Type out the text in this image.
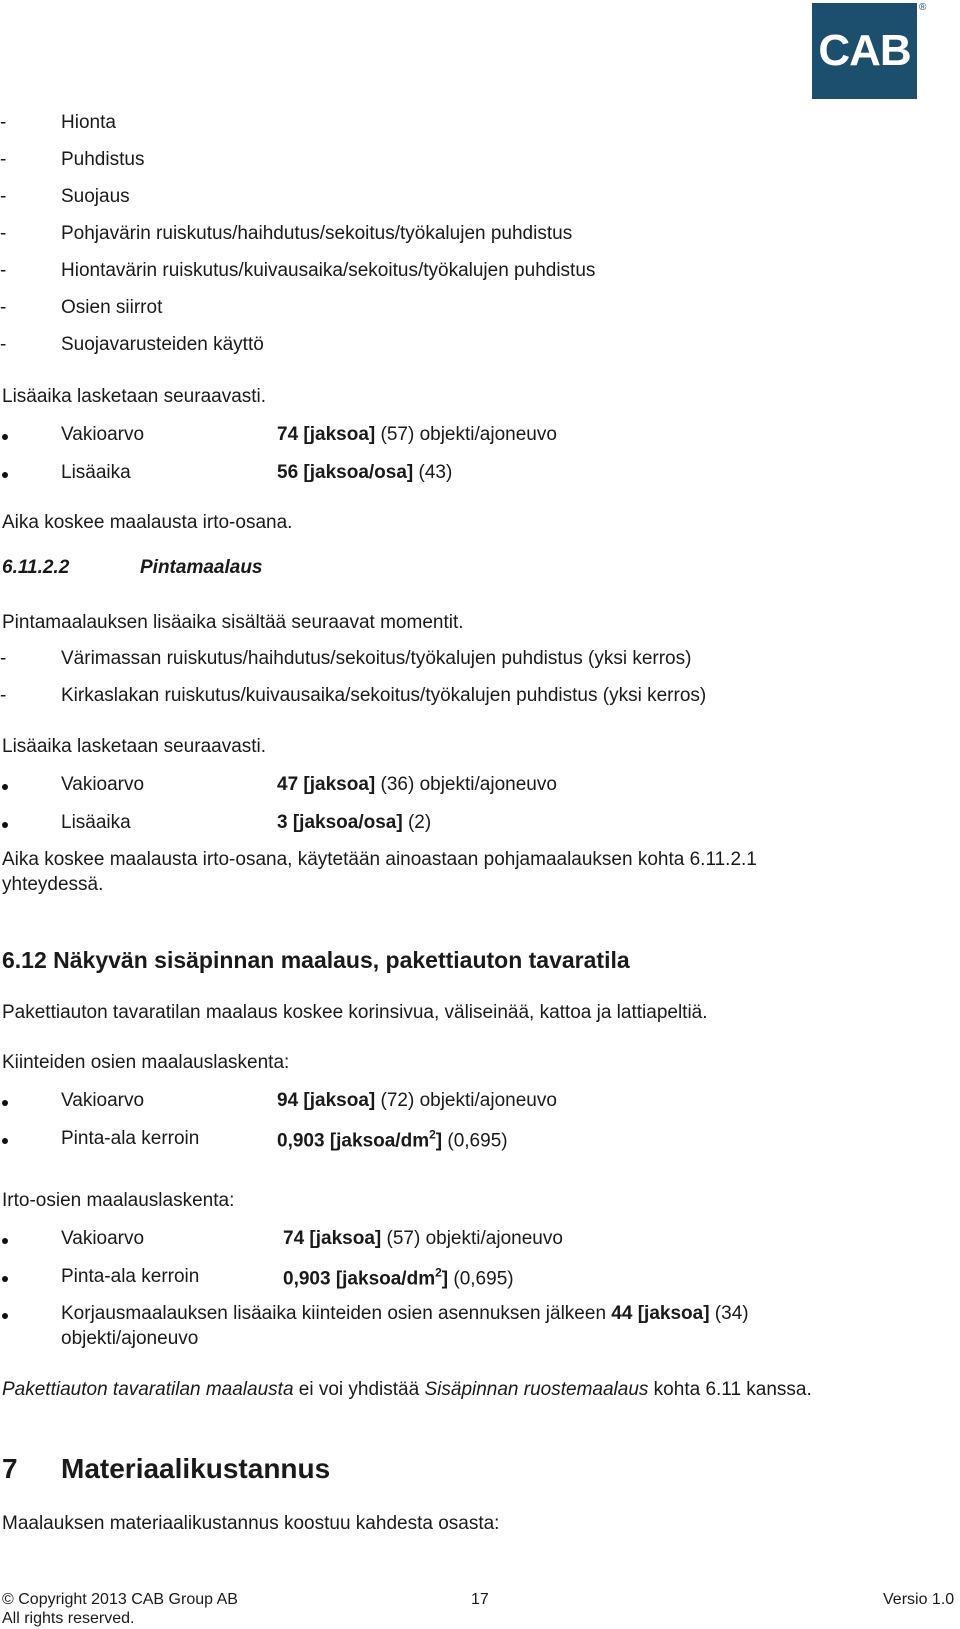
CAB
®
-	Hionta
-	Puhdistus
-	Suojaus
-	Pohjavärin ruiskutus/haihdutus/sekoitus/työkalujen puhdistus
-	Hiontavärin ruiskutus/kuivausaika/sekoitus/työkalujen puhdistus
-	Osien siirrot
-	Suojavarusteiden käyttö
Lisäaika lasketaan seuraavasti.
Vakioarvo	74 [jaksoa] (57) objekti/ajoneuvo
Lisäaika	56 [jaksoa/osa] (43)
Aika koskee maalausta irto-osana.
6.11.2.2	Pintamaalaus
Pintamaalauksen lisäaika sisältää seuraavat momentit.
-	Värimassan ruiskutus/haihdutus/sekoitus/työkalujen puhdistus (yksi kerros)
-	Kirkaslakan ruiskutus/kuivausaika/sekoitus/työkalujen puhdistus (yksi kerros)
Lisäaika lasketaan seuraavasti.
Vakioarvo	47 [jaksoa] (36) objekti/ajoneuvo
Lisäaika	3 [jaksoa/osa] (2)
Aika koskee maalausta irto-osana, käytetään ainoastaan pohjamaalauksen kohta 6.11.2.1
yhteydessä.
6.12 Näkyvän sisäpinnan maalaus, pakettiauton tavaratila
Pakettiauton tavaratilan maalaus koskee korinsivua, väliseinää, kattoa ja lattiapeltiä.
Kiinteiden osien maalauslaskenta:
Vakioarvo	94 [jaksoa] (72) objekti/ajoneuvo
Pinta-ala kerroin	0,903 $[jaksoa/dm^2]$ (0,695)
Irto-osien maalauslaskenta:
Vakioarvo	74 [jaksoa] (57) objekti/ajoneuvo
Pinta-ala kerroin	0,903 $[jaksoa/dm^2]$ (0,695)
Korjausmaalauksen lisäaika kiinteiden osien asennuksen jälkeen 44 [jaksoa] (34)
objekti/ajoneuvo
Pakettiauton tavaratilan maalausta ei voi yhdistää Sisäpinnan ruostemaalaus kohta 6.11 kanssa.
7 Materiaalikustannus
Maalauksen materiaalikustannus koostuu kahdesta osasta:
© Copyright 2013 CAB Group AB
All rights reserved.
17	Versio 1.0
